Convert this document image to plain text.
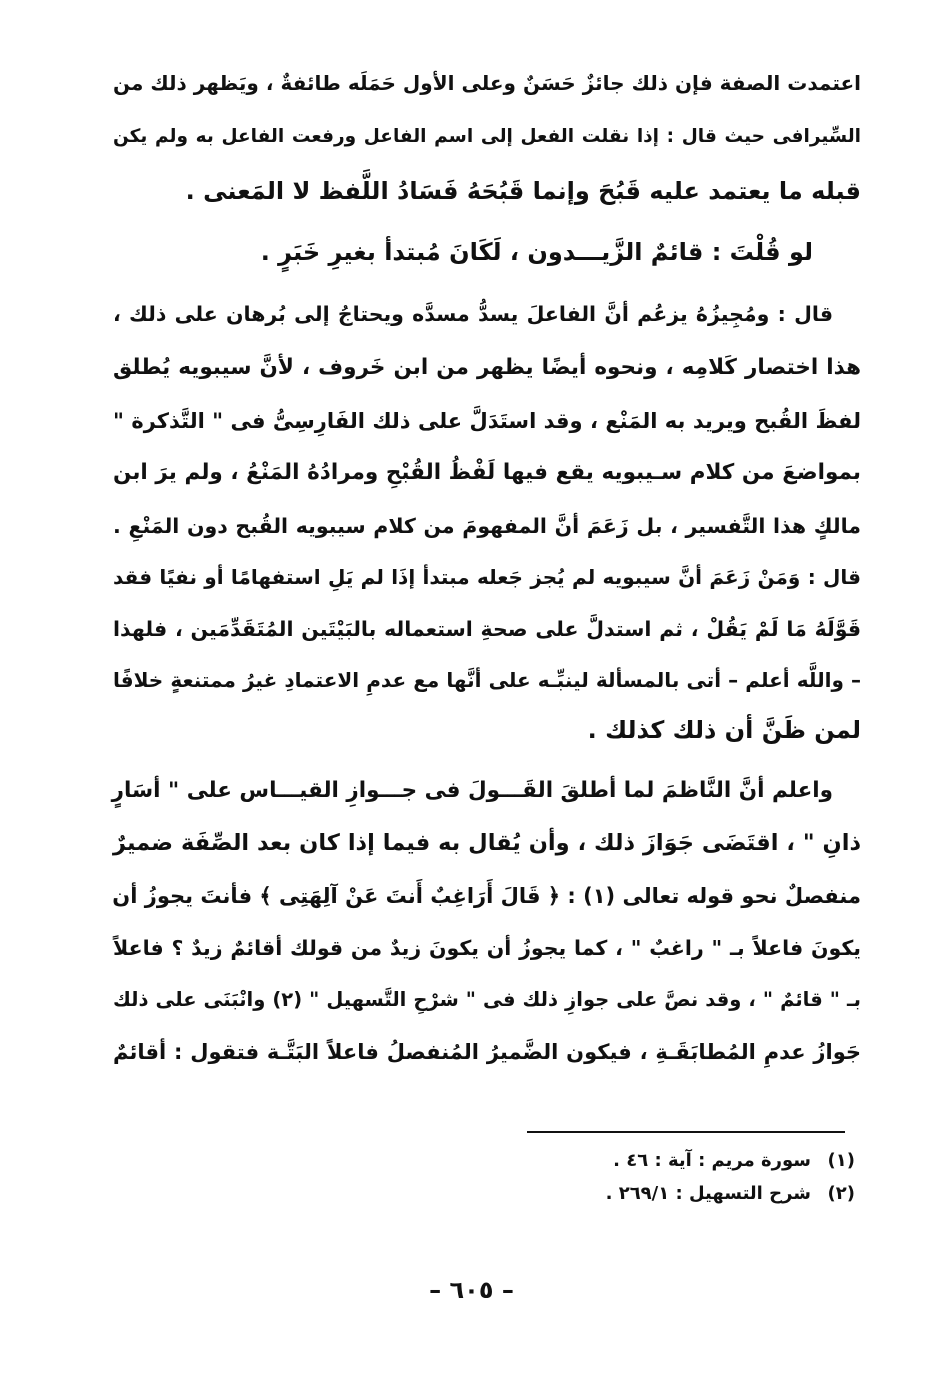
اعتمدت الصفة فإن ذلك جائزٌ حَسَنٌ وعلى الأول حَمَلَه طائفةٌ ، ويَظهر ذلك من
السِّيرافى حيث قال : إذا نقلت الفعل إلى اسم الفاعل ورفعت الفاعل به ولم يكن
قبله ما يعتمد عليه قَبُحَ وإنما قَبُحَهُ فَسَادُ اللَّفظ لا المَعنى .
لو قُلْتَ : قائمٌ الزَّيـــدون ، لَكَانَ مُبتدأ بغيرِ خَبَرٍ .
قال : ومُجِيزُهُ يزعُم أنَّ الفاعلَ يسدُّ مسدَّه ويحتاجُ إلى بُرهان على ذلك ،
هذا اختصار كَلامِه ، ونحوه أيضًا يظهر من ابن خَروف ، لأنَّ سيبويه يُطلق
لفظَ القُبح ويريد به المَنْع ، وقد استَدَلَّ على ذلك الفَارِسِىُّ فى " التَّذكرة "
بمواضعَ من كلام سـيبويه يقع فيها لَفْظُ القُبْحِ ومرادُهُ المَنْعُ ، ولم يرَ ابن
مالكٍ هذا التَّفسير ، بل زَعَمَ أنَّ المفهومَ من كلام سيبويه القُبح دون المَنْعِ .
قال : وَمَنْ زَعَمَ أنَّ سيبويه لم يُجز جَعله مبتدأ إذَا لم يَلِ استفهامًا أو نفيًا فقد
قَوَّلَهُ مَا لَمْ يَقُلْ ، ثم استدلَّ على صحةِ استعماله بالبَيْتَين المُتَقَدِّمَين ، فلهذا
– واللَّه أعلم – أتى بالمسألة لينبِّـه على أنَّها مع عدمِ الاعتمادِ غيرُ ممتنعةٍ خلافًا
لمن ظَنَّ أن ذلك كذلك .
واعلم أنَّ النَّاظمَ لما أطلقَ القَـــولَ فى جـــوازِ القيـــاس على " أسَارٍ
ذانِ " ، اقتَضَى جَوَازَ ذلك ، وأن يُقال به فيما إذا كان بعد الصِّفَة ضميرٌ
منفصلٌ نحو قوله تعالى (١) : ﴿ قَالَ أَرَاغِبٌ أَنتَ عَنْ آلِهَتِى ﴾ فأنتَ يجوزُ أن
يكونَ فاعلاً بـ " راغبٌ " ، كما يجوزُ أن يكونَ زيدٌ من قولك أقائمٌ زيدٌ ؟ فاعلاً
بـ " قائمٌ " ، وقد نصَّ على جوازِ ذلك فى " شرْحِ التَّسهيل " (٢) وانْبَنَى على ذلك
جَوازُ عدمِ المُطابَقَـةِ ، فيكون الضَّميرُ المُنفصلُ فاعلاً البَتَّـة فتقول : أقائمٌ
(١)سورة مريم : آية : ٤٦ .
(٢)شرح التسهيل : ٢٦٩/١ .
– ٦٠٥ –
